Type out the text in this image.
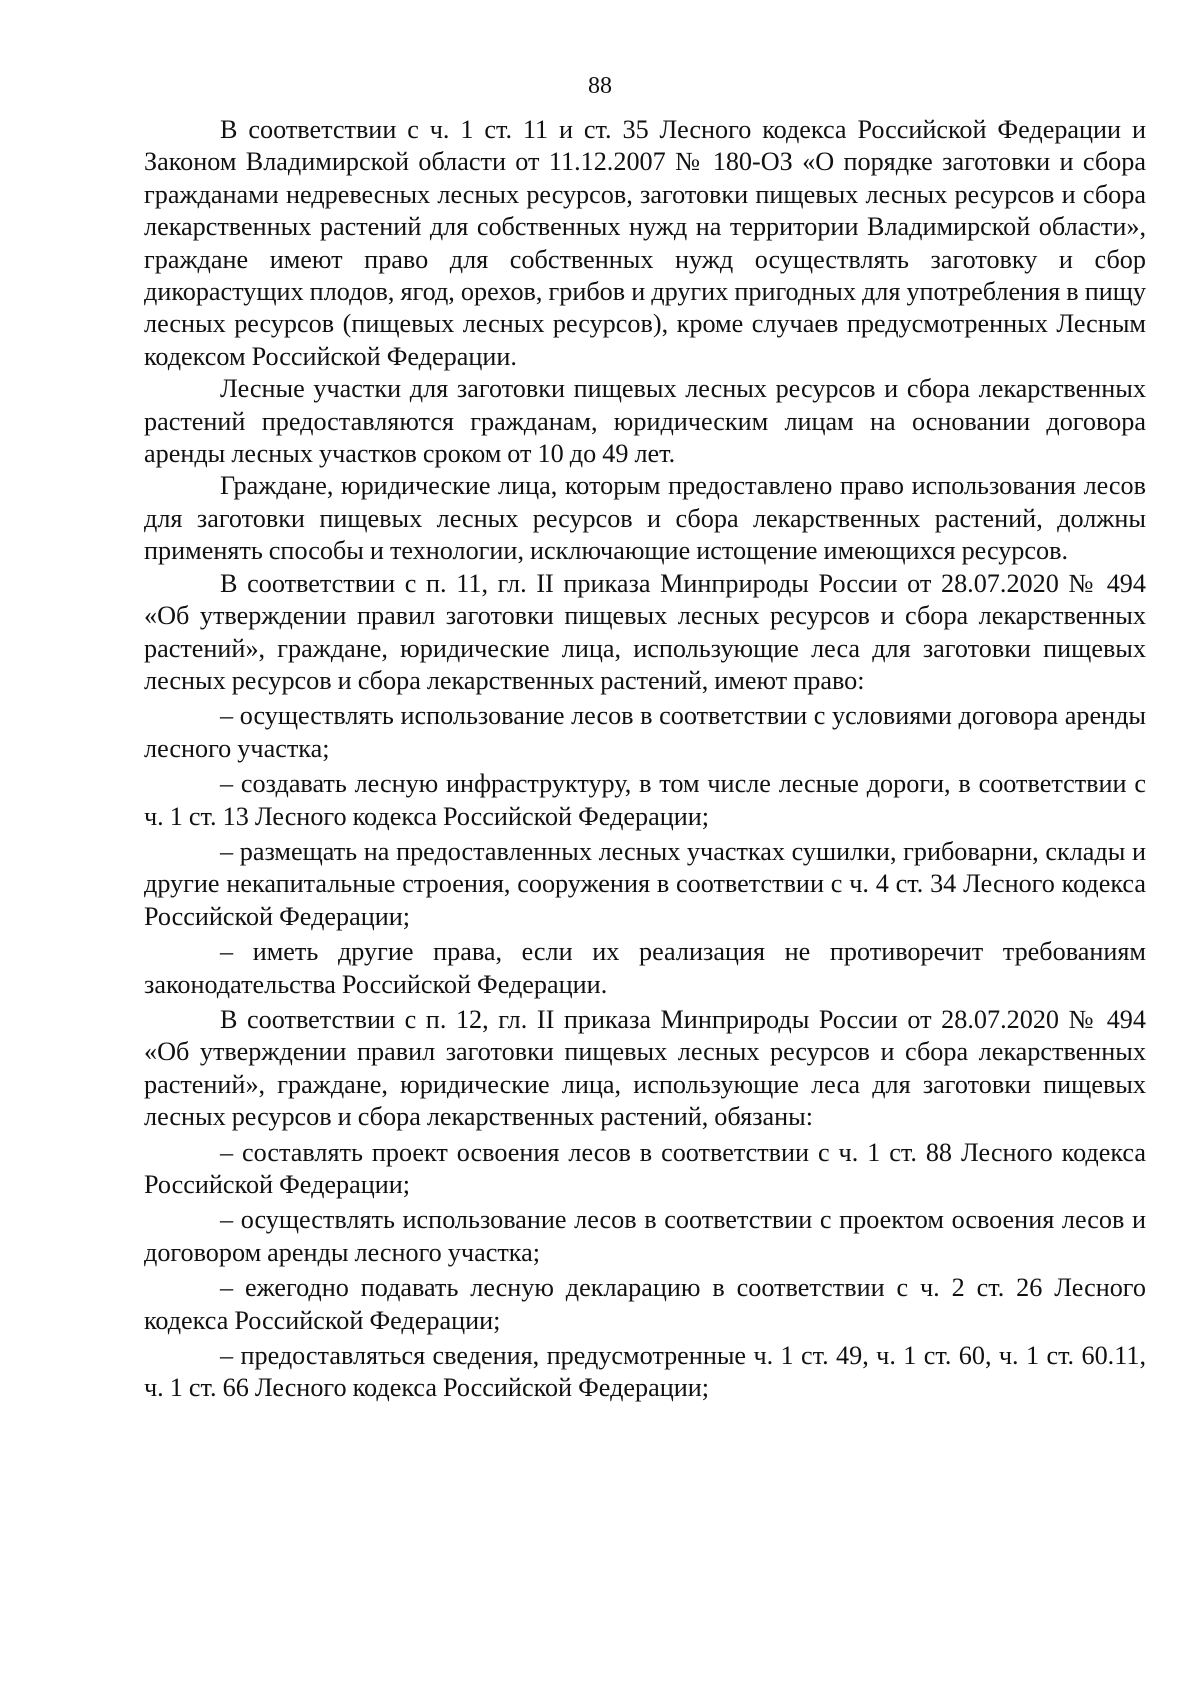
88

В соответствии с ч. 1 ст. 11 и ст. 35 Лесного кодекса Российской Федерации и Законом Владимирской области от 11.12.2007 № 180-ОЗ «О порядке заготовки и сбора гражданами недревесных лесных ресурсов, заготовки пищевых лесных ресурсов и сбора лекарственных растений для собственных нужд на территории Владимирской области», граждане имеют право для собственных нужд осуществлять заготовку и сбор дикорастущих плодов, ягод, орехов, грибов и других пригодных для употребления в пищу лесных ресурсов (пищевых лесных ресурсов), кроме случаев предусмотренных Лесным кодексом Российской Федерации.

Лесные участки для заготовки пищевых лесных ресурсов и сбора лекарственных растений предоставляются гражданам, юридическим лицам на основании договора аренды лесных участков сроком от 10 до 49 лет.

Граждане, юридические лица, которым предоставлено право использования лесов для заготовки пищевых лесных ресурсов и сбора лекарственных растений, должны применять способы и технологии, исключающие истощение имеющихся ресурсов.

В соответствии с п. 11, гл. II приказа Минприроды России от 28.07.2020 № 494 «Об утверждении правил заготовки пищевых лесных ресурсов и сбора лекарственных растений», граждане, юридические лица, использующие леса для заготовки пищевых лесных ресурсов и сбора лекарственных растений, имеют право:

– осуществлять использование лесов в соответствии с условиями договора аренды лесного участка;

– создавать лесную инфраструктуру, в том числе лесные дороги, в соответствии с ч. 1 ст. 13 Лесного кодекса Российской Федерации;

– размещать на предоставленных лесных участках сушилки, грибоварни, склады и другие некапитальные строения, сооружения в соответствии с ч. 4 ст. 34 Лесного кодекса Российской Федерации;

– иметь другие права, если их реализация не противоречит требованиям законодательства Российской Федерации.

В соответствии с п. 12, гл. II приказа Минприроды России от 28.07.2020 № 494 «Об утверждении правил заготовки пищевых лесных ресурсов и сбора лекарственных растений», граждане, юридические лица, использующие леса для заготовки пищевых лесных ресурсов и сбора лекарственных растений, обязаны:

– составлять проект освоения лесов в соответствии с ч. 1 ст. 88 Лесного кодекса Российской Федерации;

– осуществлять использование лесов в соответствии с проектом освоения лесов и договором аренды лесного участка;

– ежегодно подавать лесную декларацию в соответствии с ч. 2 ст. 26 Лесного кодекса Российской Федерации;

– предоставляться сведения, предусмотренные ч. 1 ст. 49, ч. 1 ст. 60, ч. 1 ст. 60.11, ч. 1 ст. 66 Лесного кодекса Российской Федерации;
